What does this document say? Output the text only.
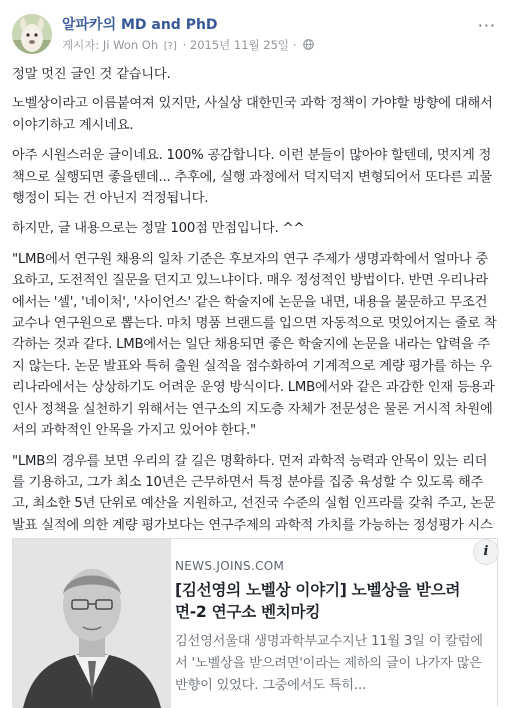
알파카의 MD and PhD
게시자: Ji Won Oh [?] · 2015년 11월 25일 ·
···

정말 멋진 글인 것 같습니다.

노벨상이라고 이름붙여져 있지만, 사실상 대한민국 과학 정책이 가야할 방향에 대해서 이야기하고 계시네요.

아주 시원스러운 글이네요. 100% 공감합니다. 이런 분들이 많아야 할텐데, 멋지게 정책으로 실행되면 좋을텐데... 추후에, 실행 과정에서 덕지덕지 변형되어서 또다른 괴물 행정이 되는 건 아닌지 걱정됩니다.

하지만, 글 내용으로는 정말 100점 만점입니다. ^^

"LMB에서 연구원 채용의 일차 기준은 후보자의 연구 주제가 생명과학에서 얼마나 중요하고, 도전적인 질문을 던지고 있느냐이다. 매우 정성적인 방법이다. 반면 우리나라에서는 '셀', '네이처', '사이언스' 같은 학술지에 논문을 내면, 내용을 불문하고 무조건 교수나 연구원으로 뽑는다. 마치 명품 브랜드를 입으면 자동적으로 멋있어지는 줄로 착각하는 것과 같다. LMB에서는 일단 채용되면 좋은 학술지에 논문을 내라는 압력을 주지 않는다. 논문 발표와 특허 출원 실적을 점수화하여 기계적으로 계량 평가를 하는 우리나라에서는 상상하기도 어려운 운영 방식이다. LMB에서와 같은 과감한 인재 등용과 인사 정책을 실천하기 위해서는 연구소의 지도층 자체가 전문성은 물론 거시적 차원에서의 과학적인 안목을 가지고 있어야 한다."

"LMB의 경우를 보면 우리의 갈 길은 명확하다. 먼저 과학적 능력과 안목이 있는 리더를 기용하고, 그가 최소 10년은 근무하면서 특정 분야를 집중 육성할 수 있도록 해주고, 최소한 5년 단위로 예산을 지원하고, 선진국 수준의 실험 인프라를 갖춰 주고, 논문 발표 실적에 의한 계량 평가보다는 연구주제의 과학적 가치를 가능하는 정성평가 시스

NEWS.JOINS.COM
[김선영의 노벨상 이야기] 노벨상을 받으려면-2 연구소 벤치마킹
김선영서울대 생명과학부교수지난 11월 3일 이 칼럼에서 '노벨상을 받으려면'이라는 제하의 글이 나가자 많은 반향이 있었다. 그중에서도 특히...
i
